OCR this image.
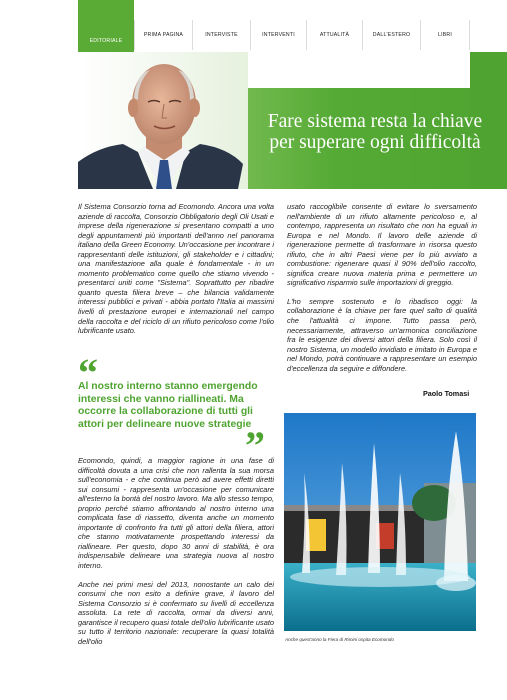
EDITORIALE
PRIMA PAGINA	INTERVISTE	INTERVENTI	ATTUALITÀ	DALL'ESTERO	LIBRI
Fare sistema resta la chiave
per superare ogni difficoltà

Il Sistema Consorzio torna ad Ecomondo. Ancora una volta aziende di raccolta, Consorzio Obbligatorio degli Oli Usati e imprese della rigenerazione si presentano compatti a uno degli appuntamenti più importanti dell'anno nel panorama italiano della Green Economy. Un'occasione per incontrare i rappresentanti delle istituzioni, gli stakeholder e i cittadini; una manifestazione alla quale è fondamentale - in un momento problematico come quello che stiamo vivendo - presentarci uniti come "Sistema". Soprattutto per ribadire quanto questa filiera breve – che bilancia validamente interessi pubblici e privati - abbia portato l'Italia ai massimi livelli di prestazione europei e internazionali nel campo della raccolta e del riciclo di un rifiuto pericoloso come l'olio lubrificante usato.

“
Al nostro interno stanno emergendo interessi che vanno riallineati. Ma occorre la collaborazione di tutti gli attori per delineare nuove strategie
”

Ecomondo, quindi, a maggior ragione in una fase di difficoltà dovuta a una crisi che non rallenta la sua morsa sull'economia - e che continua però ad avere effetti diretti sui consumi - rappresenta un'occasione per comunicare all'esterno la bontà del nostro lavoro. Ma allo stesso tempo, proprio perché stiamo affrontando al nostro interno una complicata fase di riassetto, diventa anche un momento importante di confronto fra tutti gli attori della filiera, attori che stanno motivatamente prospettando interessi da riallineare. Per questo, dopo 30 anni di stabilità, è ora indispensabile delineare una strategia nuova al nostro interno.

Anche nei primi mesi del 2013, nonostante un calo dei consumi che non esito a definire grave, il lavoro del Sistema Consorzio si è confermato su livelli di eccellenza assoluta. La rete di raccolta, ormai da diversi anni, garantisce il recupero quasi totale dell'olio lubrificante usato su tutto il territorio nazionale: recuperare la quasi totalità dell'olio

usato raccoglibile consente di evitare lo sversamento nell'ambiente di un rifiuto altamente pericoloso e, al contempo, rappresenta un risultato che non ha eguali in Europa e nel Mondo. Il lavoro delle aziende di rigenerazione permette di trasformare in risorsa questo rifiuto, che in altri Paesi viene per lo più avviato a combustione: rigenerare quasi il 90% dell'olio raccolto, significa creare nuova materia prima e permettere un significativo risparmio sulle importazioni di greggio.

L'ho sempre sostenuto e lo ribadisco oggi: la collaborazione è la chiave per fare quel salto di qualità che l'attualità ci impone. Tutto passa però, necessariamente, attraverso un'armonica conciliazione fra le esigenze dei diversi attori della filiera. Solo così il nostro Sistema, un modello invidiato e imitato in Europa e nel Mondo, potrà continuare a rappresentare un esempio d'eccellenza da seguire e diffondere.

Paolo Tomasi
Anche quest'anno la Fiera di Rimini ospita Ecomondo
